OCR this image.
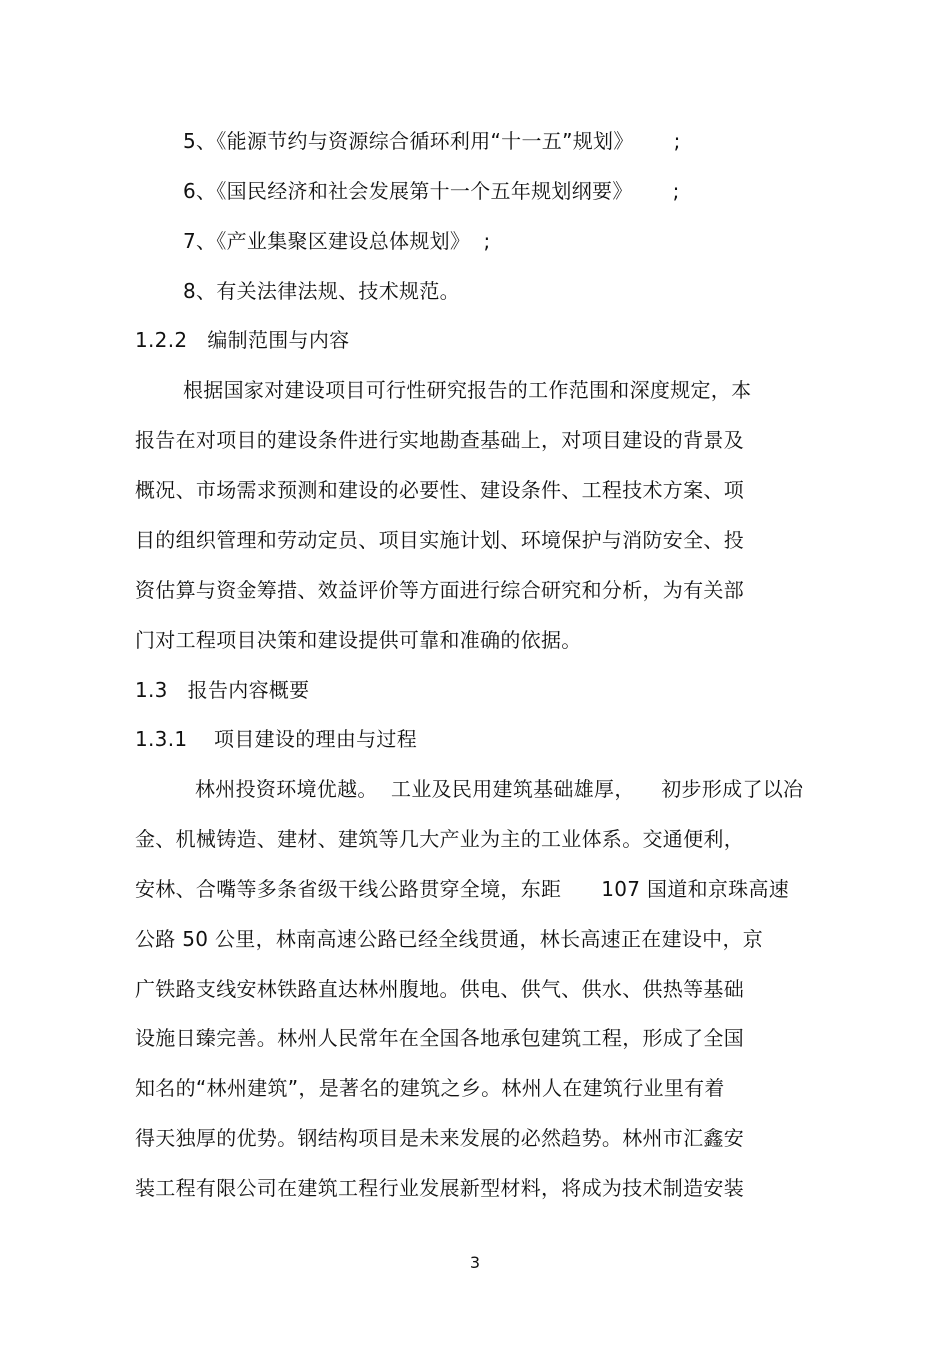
5、《能源节约与资源综合循环利用“十一五”规划》      ;
6、《国民经济和社会发展第十一个五年规划纲要》      ;
7、《产业集聚区建设总体规划》  ;
8、有关法律法规、技术规范。
1.2.2   编制范围与内容
根据国家对建设项目可行性研究报告的工作范围和深度规定，本
报告在对项目的建设条件进行实地勘查基础上，对项目建设的背景及
概况、市场需求预测和建设的必要性、建设条件、工程技术方案、项
目的组织管理和劳动定员、项目实施计划、环境保护与消防安全、投
资估算与资金筹措、效益评价等方面进行综合研究和分析，为有关部
门对工程项目决策和建设提供可靠和准确的依据。
1.3   报告内容概要
1.3.1    项目建设的理由与过程
林州投资环境优越。  工业及民用建筑基础雄厚，    初步形成了以冶
金、机械铸造、建材、建筑等几大产业为主的工业体系。交通便利，
安林、合嘴等多条省级干线公路贯穿全境，东距      107 国道和京珠高速
公路 50 公里，林南高速公路已经全线贯通，林长高速正在建设中，京
广铁路支线安林铁路直达林州腹地。供电、供气、供水、供热等基础
设施日臻完善。林州人民常年在全国各地承包建筑工程，形成了全国
知名的“林州建筑”，是著名的建筑之乡。林州人在建筑行业里有着
得天独厚的优势。钢结构项目是未来发展的必然趋势。林州市汇鑫安
装工程有限公司在建筑工程行业发展新型材料，将成为技术制造安装
3
